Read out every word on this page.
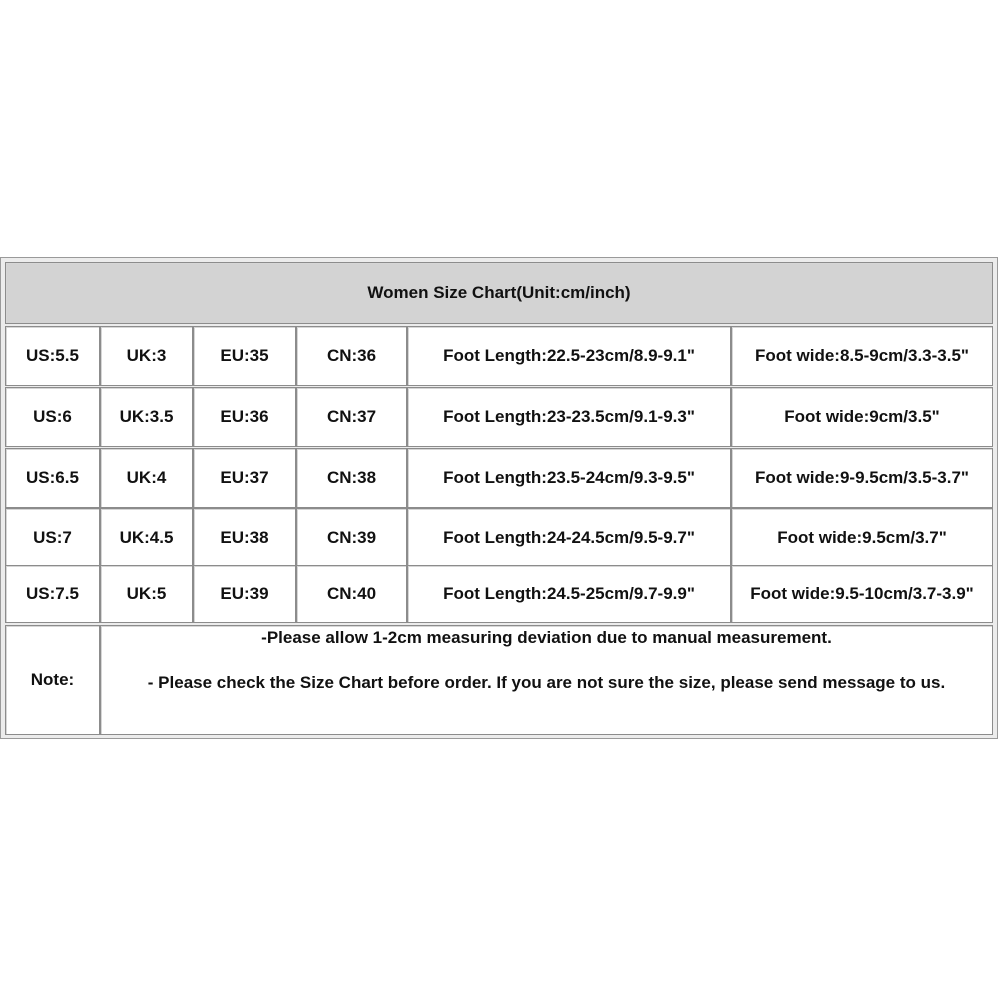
Women Size Chart(Unit:cm/inch)
US:5.5	UK:3	EU:35	CN:36	Foot Length:22.5-23cm/8.9-9.1"	Foot wide:8.5-9cm/3.3-3.5"
US:6	UK:3.5	EU:36	CN:37	Foot Length:23-23.5cm/9.1-9.3"	Foot wide:9cm/3.5"
US:6.5	UK:4	EU:37	CN:38	Foot Length:23.5-24cm/9.3-9.5"	Foot wide:9-9.5cm/3.5-3.7"
US:7	UK:4.5	EU:38	CN:39	Foot Length:24-24.5cm/9.5-9.7"	Foot wide:9.5cm/3.7"
US:7.5	UK:5	EU:39	CN:40	Foot Length:24.5-25cm/9.7-9.9"	Foot wide:9.5-10cm/3.7-3.9"
Note:
-Please allow 1-2cm measuring deviation due to manual measurement.
- Please check the Size Chart before order. If you are not sure the size, please send message to us.
